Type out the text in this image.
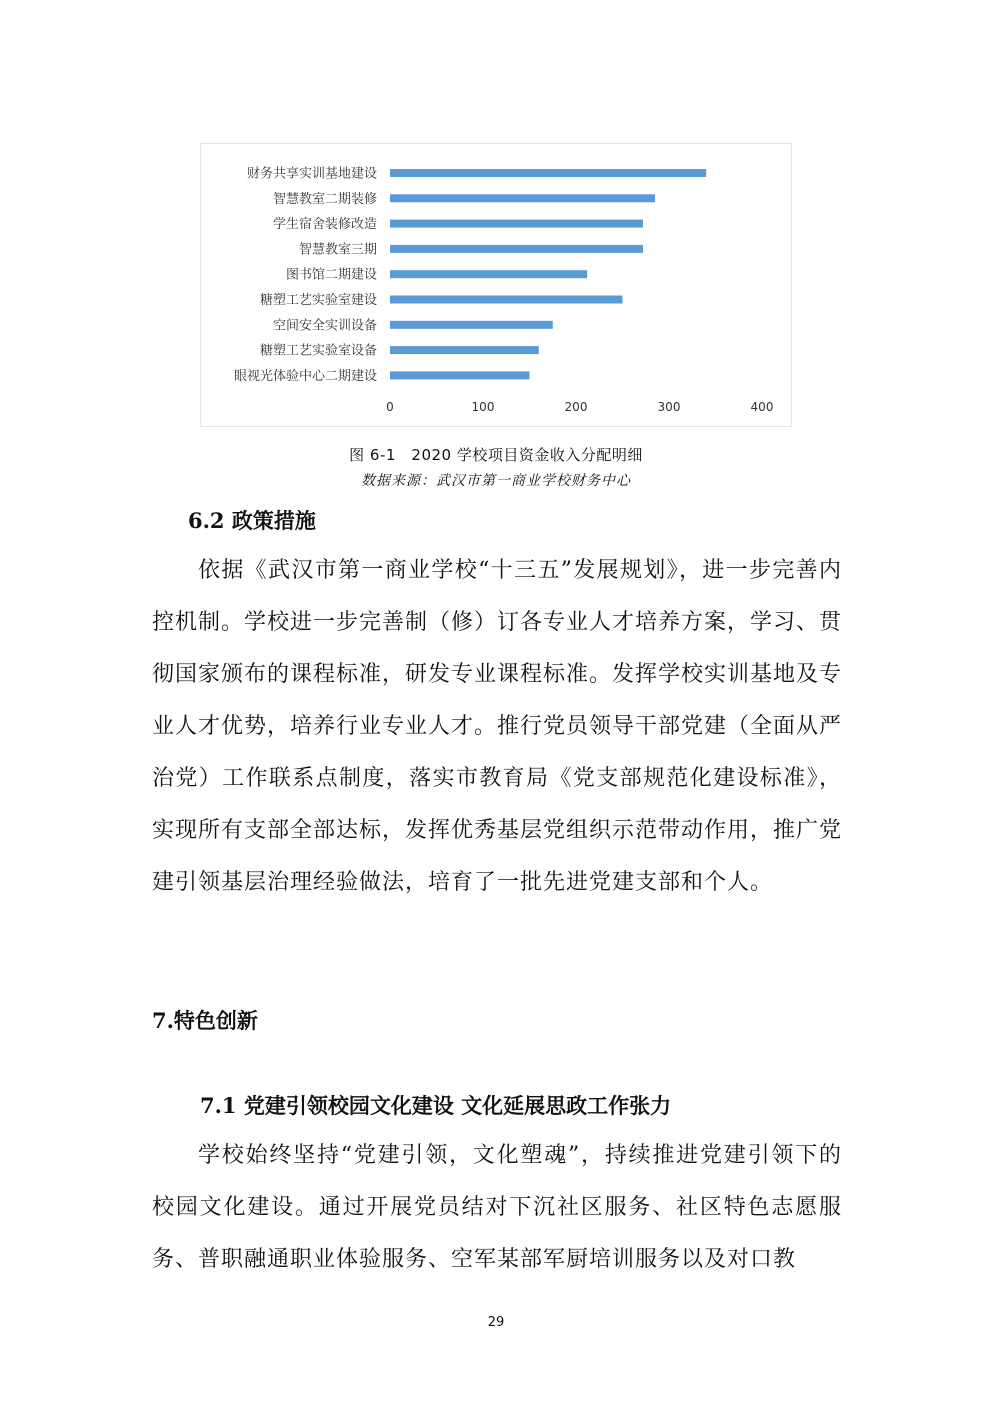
财务共享实训基地建设
智慧教室二期装修
学生宿舍装修改造
智慧教室三期
图书馆二期建设
糖塑工艺实验室建设
空间安全实训设备
糖塑工艺实验室设备
眼视光体验中心二期建设
0	100	200	300	400
图 6-1　2020 学校项目资金收入分配明细
数据来源：武汉市第一商业学校财务中心
6.2 政策措施
依据《武汉市第一商业学校“十三五”发展规划》，进一步完善内控机制。学校进一步完善制（修）订各专业人才培养方案，学习、贯彻国家颁布的课程标准，研发专业课程标准。发挥学校实训基地及专业人才优势，培养行业专业人才。推行党员领导干部党建（全面从严治党）工作联系点制度，落实市教育局《党支部规范化建设标准》，实现所有支部全部达标，发挥优秀基层党组织示范带动作用，推广党建引领基层治理经验做法，培育了一批先进党建支部和个人。
7.特色创新
7.1 党建引领校园文化建设 文化延展思政工作张力
学校始终坚持“党建引领，文化塑魂”，持续推进党建引领下的校园文化建设。通过开展党员结对下沉社区服务、社区特色志愿服务、普职融通职业体验服务、空军某部军厨培训服务以及对口教
29
